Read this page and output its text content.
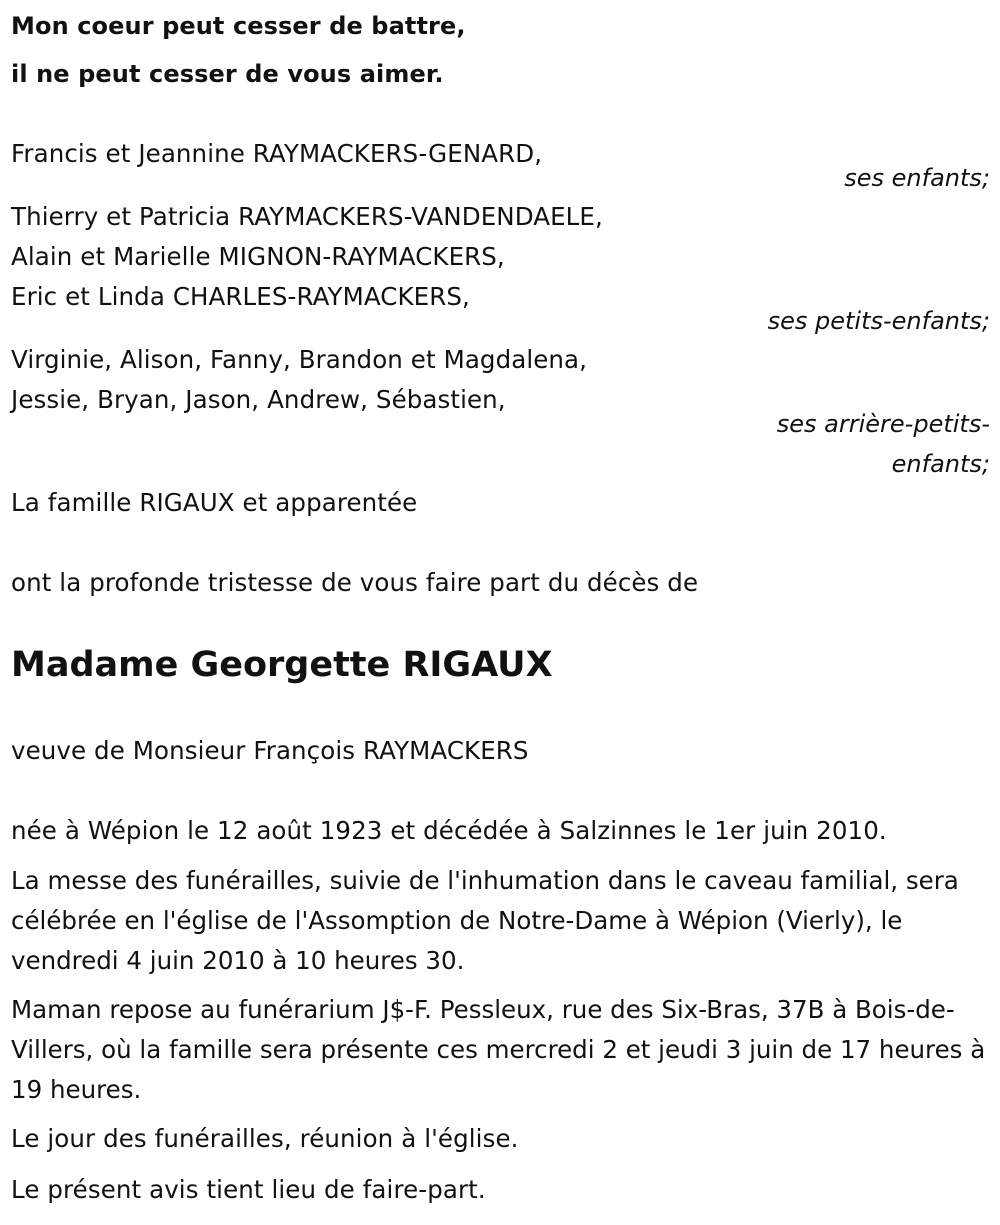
Mon coeur peut cesser de battre,

il ne peut cesser de vous aimer.

Francis et Jeannine RAYMACKERS-GENARD,

ses enfants;

Thierry et Patricia RAYMACKERS-VANDENDAELE,

Alain et Marielle MIGNON-RAYMACKERS,

Eric et Linda CHARLES-RAYMACKERS,

ses petits-enfants;

Virginie, Alison, Fanny, Brandon et Magdalena,

Jessie, Bryan, Jason, Andrew, Sébastien,

ses arrière-petits-enfants;

La famille RIGAUX et apparentée

ont la profonde tristesse de vous faire part du décès de

Madame Georgette RIGAUX

veuve de Monsieur François RAYMACKERS

née à Wépion le 12 août 1923 et décédée à Salzinnes le 1er juin 2010.

La messe des funérailles, suivie de l'inhumation dans le caveau familial, sera célébrée en l'église de l'Assomption de Notre-Dame à Wépion (Vierly), le vendredi 4 juin 2010 à 10 heures 30.

Maman repose au funérarium J$-F. Pessleux, rue des Six-Bras, 37B à Bois-de-Villers, où la famille sera présente ces mercredi 2 et jeudi 3 juin de 17 heures à 19 heures.

Le jour des funérailles, réunion à l'église.

Le présent avis tient lieu de faire-part.
